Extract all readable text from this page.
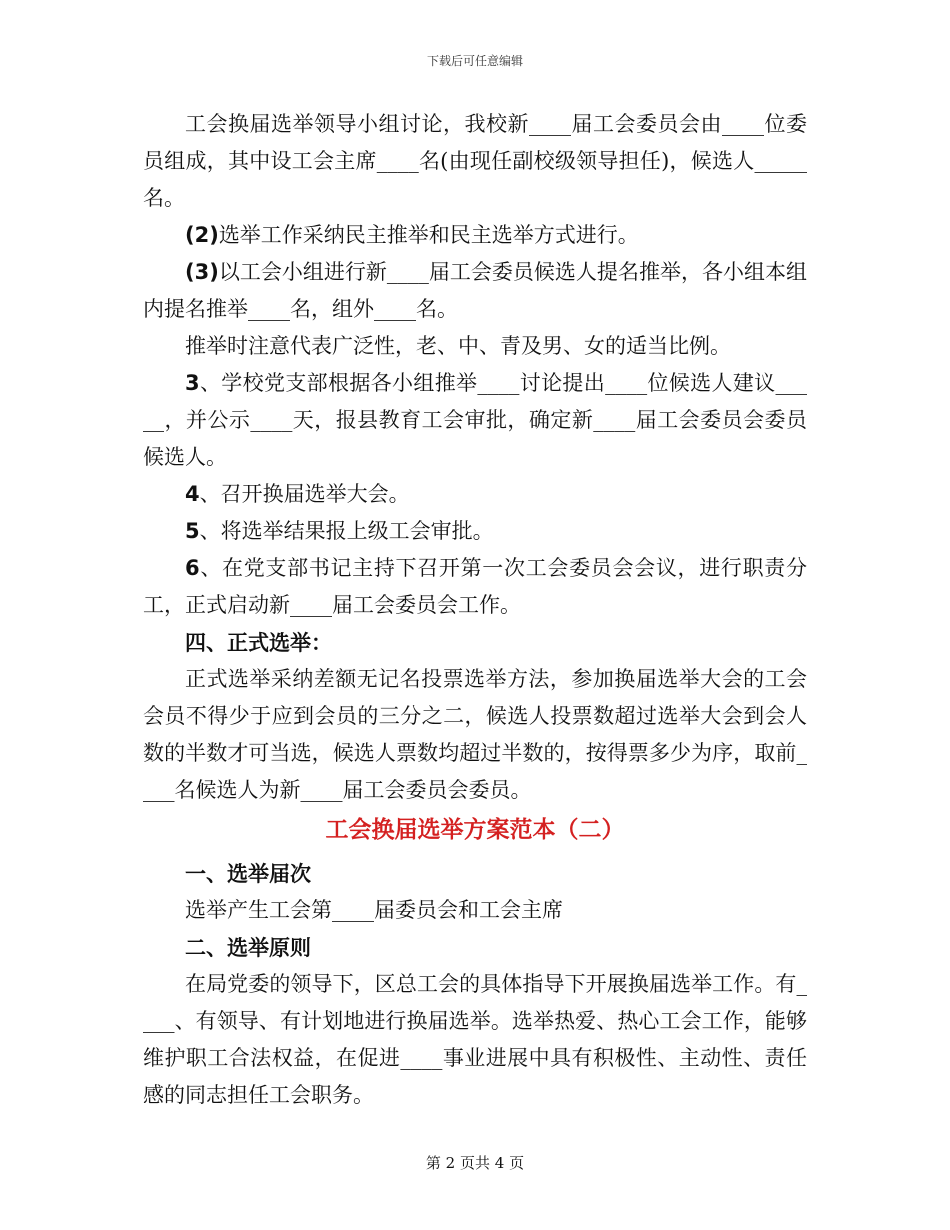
下载后可任意编辑

工会换届选举领导小组讨论，我校新____届工会委员会由____位委员组成，其中设工会主席____名(由现任副校级领导担任)，候选人_____名。

(2)选举工作采纳民主推举和民主选举方式进行。

(3)以工会小组进行新____届工会委员候选人提名推举，各小组本组内提名推举____名，组外____名。

推举时注意代表广泛性，老、中、青及男、女的适当比例。

3、学校党支部根据各小组推举____讨论提出____位候选人建议_____，并公示____天，报县教育工会审批，确定新____届工会委员会委员候选人。

4、召开换届选举大会。

5、将选举结果报上级工会审批。

6、在党支部书记主持下召开第一次工会委员会会议，进行职责分工，正式启动新____届工会委员会工作。

四、正式选举：

正式选举采纳差额无记名投票选举方法，参加换届选举大会的工会会员不得少于应到会员的三分之二，候选人投票数超过选举大会到会人数的半数才可当选，候选人票数均超过半数的，按得票多少为序，取前____名候选人为新____届工会委员会委员。

工会换届选举方案范本（二）

一、选举届次

选举产生工会第____届委员会和工会主席

二、选举原则

在局党委的领导下，区总工会的具体指导下开展换届选举工作。有____、有领导、有计划地进行换届选举。选举热爱、热心工会工作，能够维护职工合法权益，在促进____事业进展中具有积极性、主动性、责任感的同志担任工会职务。

第 2 页共 4 页
